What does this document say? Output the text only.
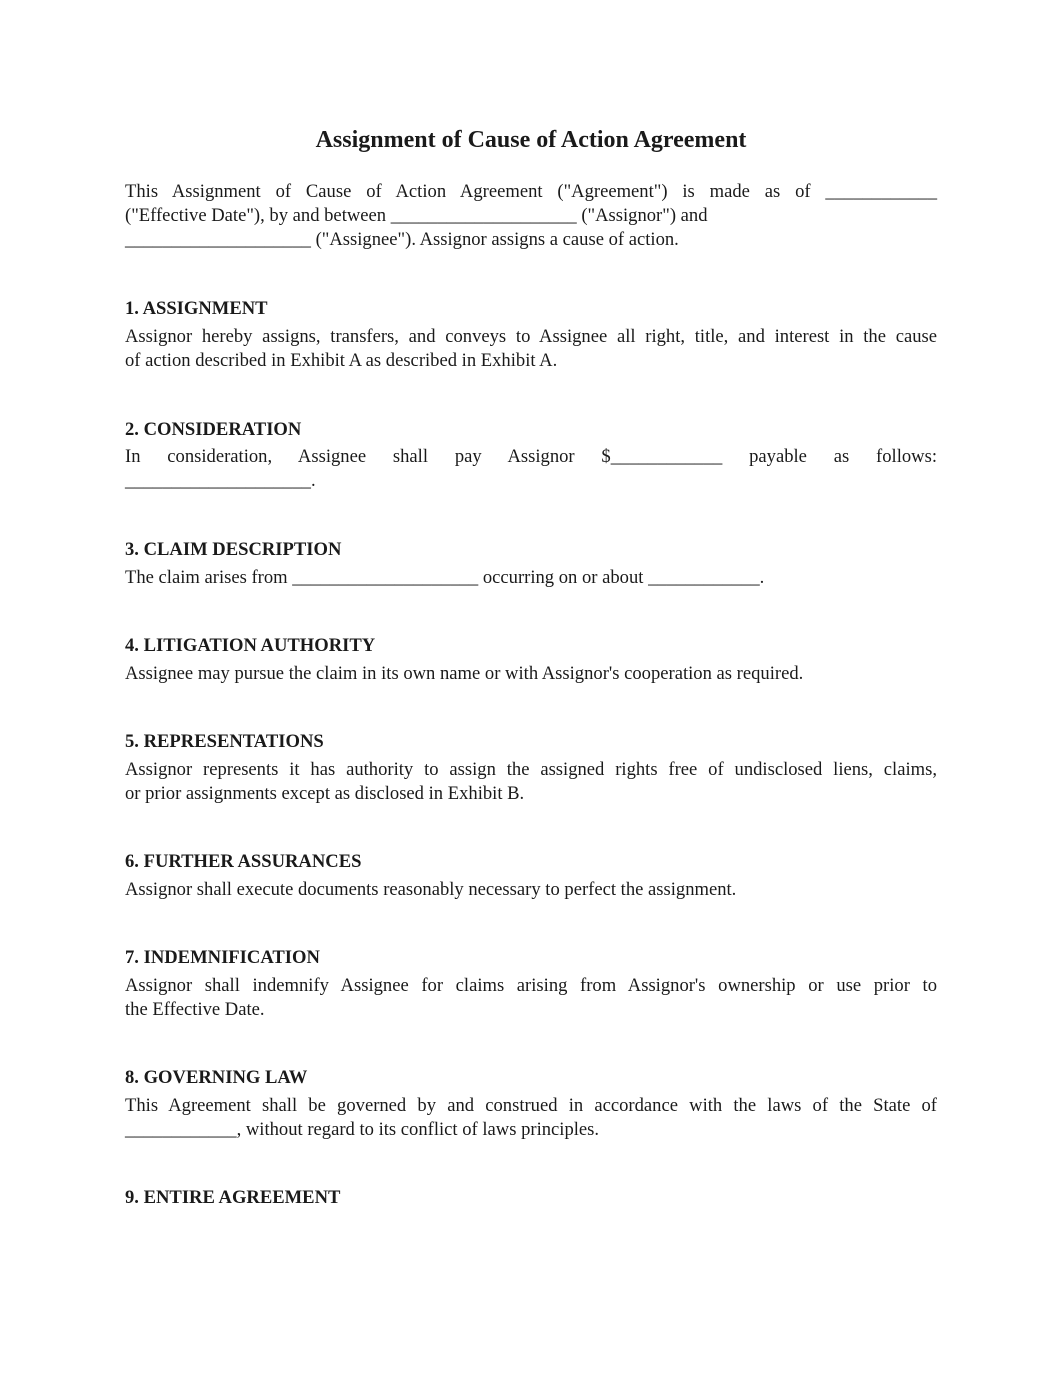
Assignment of Cause of Action Agreement
This Assignment of Cause of Action Agreement ("Agreement") is made as of ____________
("Effective Date"), by and between ____________________ ("Assignor") and
____________________ ("Assignee"). Assignor assigns a cause of action.
1. ASSIGNMENT
Assignor hereby assigns, transfers, and conveys to Assignee all right, title, and interest in the cause
of action described in Exhibit A as described in Exhibit A.
2. CONSIDERATION
In consideration, Assignee shall pay Assignor $____________ payable as follows:
____________________.
3. CLAIM DESCRIPTION
The claim arises from ____________________ occurring on or about ____________.
4. LITIGATION AUTHORITY
Assignee may pursue the claim in its own name or with Assignor's cooperation as required.
5. REPRESENTATIONS
Assignor represents it has authority to assign the assigned rights free of undisclosed liens, claims,
or prior assignments except as disclosed in Exhibit B.
6. FURTHER ASSURANCES
Assignor shall execute documents reasonably necessary to perfect the assignment.
7. INDEMNIFICATION
Assignor shall indemnify Assignee for claims arising from Assignor's ownership or use prior to
the Effective Date.
8. GOVERNING LAW
This Agreement shall be governed by and construed in accordance with the laws of the State of
____________, without regard to its conflict of laws principles.
9. ENTIRE AGREEMENT
